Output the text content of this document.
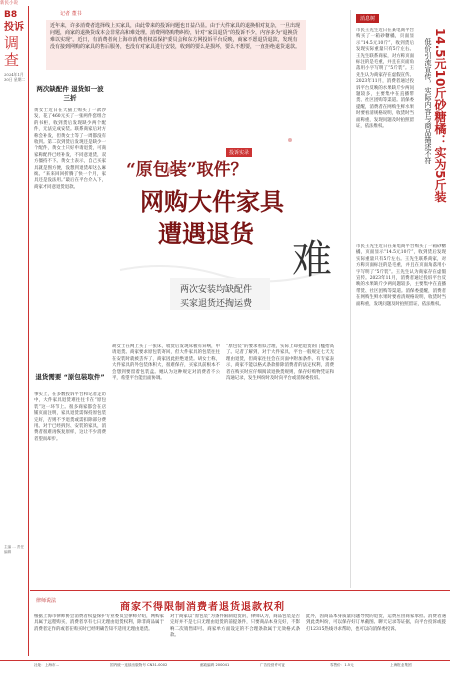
新民小说
B8
投诉
调查
2024年1月30日 星期二
主编 ... 责任编辑
记者 董书
近年来，许多消费者选择线上买家具，由此带来的投诉问题也日益凸显。由于大件家具的退换相对复杂，一旦出现问题，商家的退换货成本会非常高和难处理。消费网络购物纠纷，针对“家具退货”的投诉不少，内容多为“退换货难以实现”。近日，有消费者向上海市消费者权益保护委员会和东方网投诉平台反映，商家不愿退货退款，发现有没有接到网购的家具的售后服务，也没有对家具进行安装，收到的要么是损坏，要么不想要，一直拒绝退货退款。
两次缺配件 退货如一波三折
黄女士近日在天猫上购买了一款沙发，花了460元买了一张两件套组合的书柜，收到货后发现缺少两个配件，无法完成安装。联系商家后对方称会补发，但黄女士等了一周都没有收到。第二次到货后发现还是缺少一个配件，黄女士只好申请退货，可商家称配件已经补发，不同意退货，双方僵持不下。黄女士表示，自己买家具就是图方便，没想到退货却这么麻烦。“来来回回折腾了快一个月，家具还是没法用。”最后在平台介入下，商家才同意退货退款。
退货需要 “原包装取件”
事实上，在多数投诉平台和记者走访中，大件家具退货难往往卡在“原包装”这一环节上。很多商家都会在店铺页面注明，家具退货需保持原包装完好，否则不予退货或需扣除部分费用。对于已经拆封、安装的家具，消费者很难再恢复原样，这让不少消费者望而却步。
胡女士在网上买了一张床，收货后发现床板有异响，申请退货。商家要求原包装寄回，但大件家具的包装往往在安装时就被丢弃了，商家因此拒绝退货。胡女士称，大件家具的外包装体积大，很难保存，买家具前根本不会想到要留着包装盒。她认为这种规定对消费者不公平，希望平台能出面协调。
“原包装”的要求看似合理，实际上却把退货的门槛抬高了。记者了解到，对于大件家具，平台一般规定七天无理由退货，但商家往往会在页面中附加条件。有专家表示，商家不能以格式条款排除消费者的法定权利，消费者在购买时应仔细阅读退换货规则，保存好购物凭证和沟通记录，发生纠纷时及时向平台或消保委投诉。
投诉实录
“原包装”取件？
网购大件家具
遭遇退货
难
两次安装均缺配件
买家退货还掏运费
消息树
14.5元10斤砂糖橘：实为5斤装
低价引流宣传，实际内容与商品描述不符
市民王先生近日在某电商平台购买了一箱砂糖橘，页面显示“14.5元10斤”，收到货后发现实际重量只有5斤左右。王先生联系商家，对方称页面标注的是毛重，并且在页面角落用小字写明了“5斤装”。王先生认为商家存在虚假宣传。2023年11月，消费者通过投诉平台反映的水果缺斤少两问题较多，主要集中在直播带货、社区团购等渠道。消保委提醒，消费者在网购生鲜水果时要看清规格说明，收货时当面称重，发现问题及时拍照留证，依法维权。
市民王先生近日在某电商平台购买了一箱砂糖橘，页面显示“14.5元10斤”，收到货后发现实际重量只有5斤左右。王先生联系商家，对方称页面标注的是毛重，并且在页面角落用小字写明了“5斤装”。王先生认为商家存在虚假宣传。2023年11月，消费者通过投诉平台反映的水果缺斤少两问题较多，主要集中在直播带货、社区团购等渠道。消保委提醒，消费者在网购生鲜水果时要看清规格说明，收货时当面称重，发现问题及时拍照留证，依法维权。
律师说法
商家不得限制消费者退货退款权利
根据上海市律师协会消费者权益保护专业委员会律师介绍，网购家具属于远程购买，消费者享有七日无理由退货权利，除非商品属于消费者定作的或者在购买时已经明确告知不适用无理由退货。
对于商家以“原包装”为条件限制退货的，律师认为，商品包装是否完好并不是七日无理由退货的前提条件，只要商品本身完好，不影响二次销售即可。商家单方面设定的不合理条款属于无效格式条款。
此外，因商品本身质量问题导致的退货，运费应由商家承担。消费者遇到此类纠纷，可以保存好订单截图、聊天记录等证据，向平台投诉或拨打12315热线寻求帮助，也可以向消保委投诉。
社址：上海市…	国内统一连续出版物号 CN31-0002	邮政编码 200041	广告经营许可证	零售价：1.5元	上海报业集团
